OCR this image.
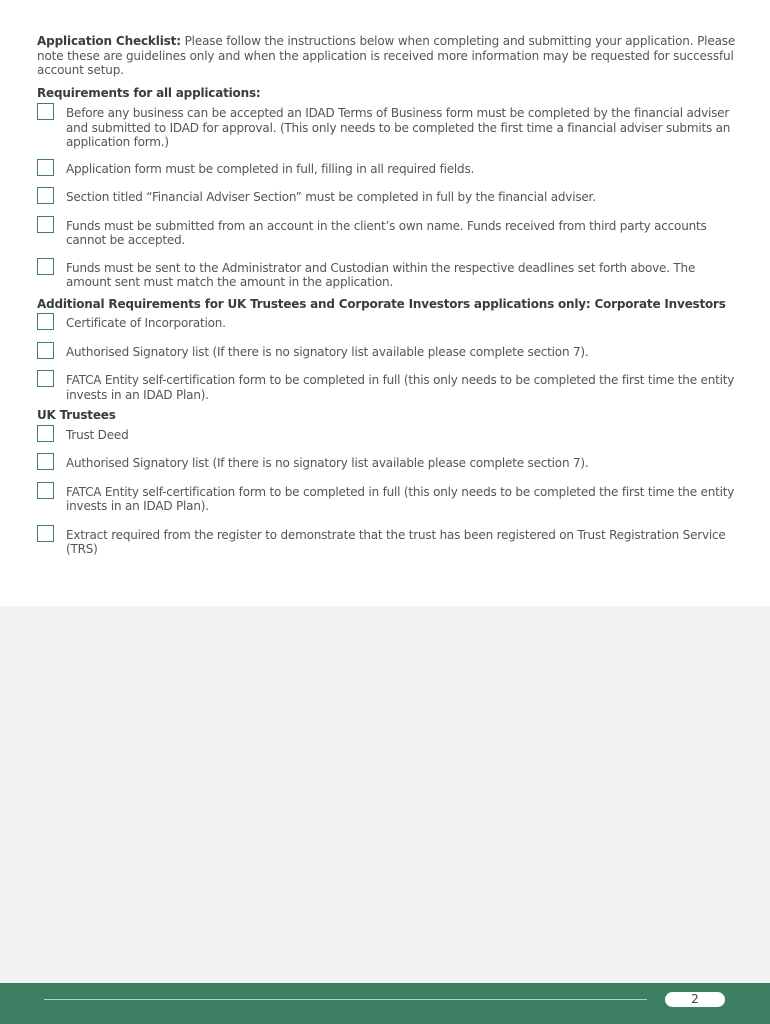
Application Checklist: Please follow the instructions below when completing and submitting your application. Please note these are guidelines only and when the application is received more information may be requested for successful account setup.

Requirements for all applications:
Before any business can be accepted an IDAD Terms of Business form must be completed by the financial adviser and submitted to IDAD for approval. (This only needs to be completed the first time a financial adviser submits an application form.)
Application form must be completed in full, filling in all required fields.
Section titled “Financial Adviser Section” must be completed in full by the financial adviser.
Funds must be submitted from an account in the client’s own name. Funds received from third party accounts cannot be accepted.
Funds must be sent to the Administrator and Custodian within the respective deadlines set forth above. The amount sent must match the amount in the application.
Additional Requirements for UK Trustees and Corporate Investors applications only: Corporate Investors
Certificate of Incorporation.
Authorised Signatory list (If there is no signatory list available please complete section 7).
FATCA Entity self-certification form to be completed in full (this only needs to be completed the first time the entity invests in an IDAD Plan).
UK Trustees
Trust Deed
Authorised Signatory list (If there is no signatory list available please complete section 7).
FATCA Entity self-certification form to be completed in full (this only needs to be completed the first time the entity invests in an IDAD Plan).
Extract required from the register to demonstrate that the trust has been registered on Trust Registration Service (TRS)
2
